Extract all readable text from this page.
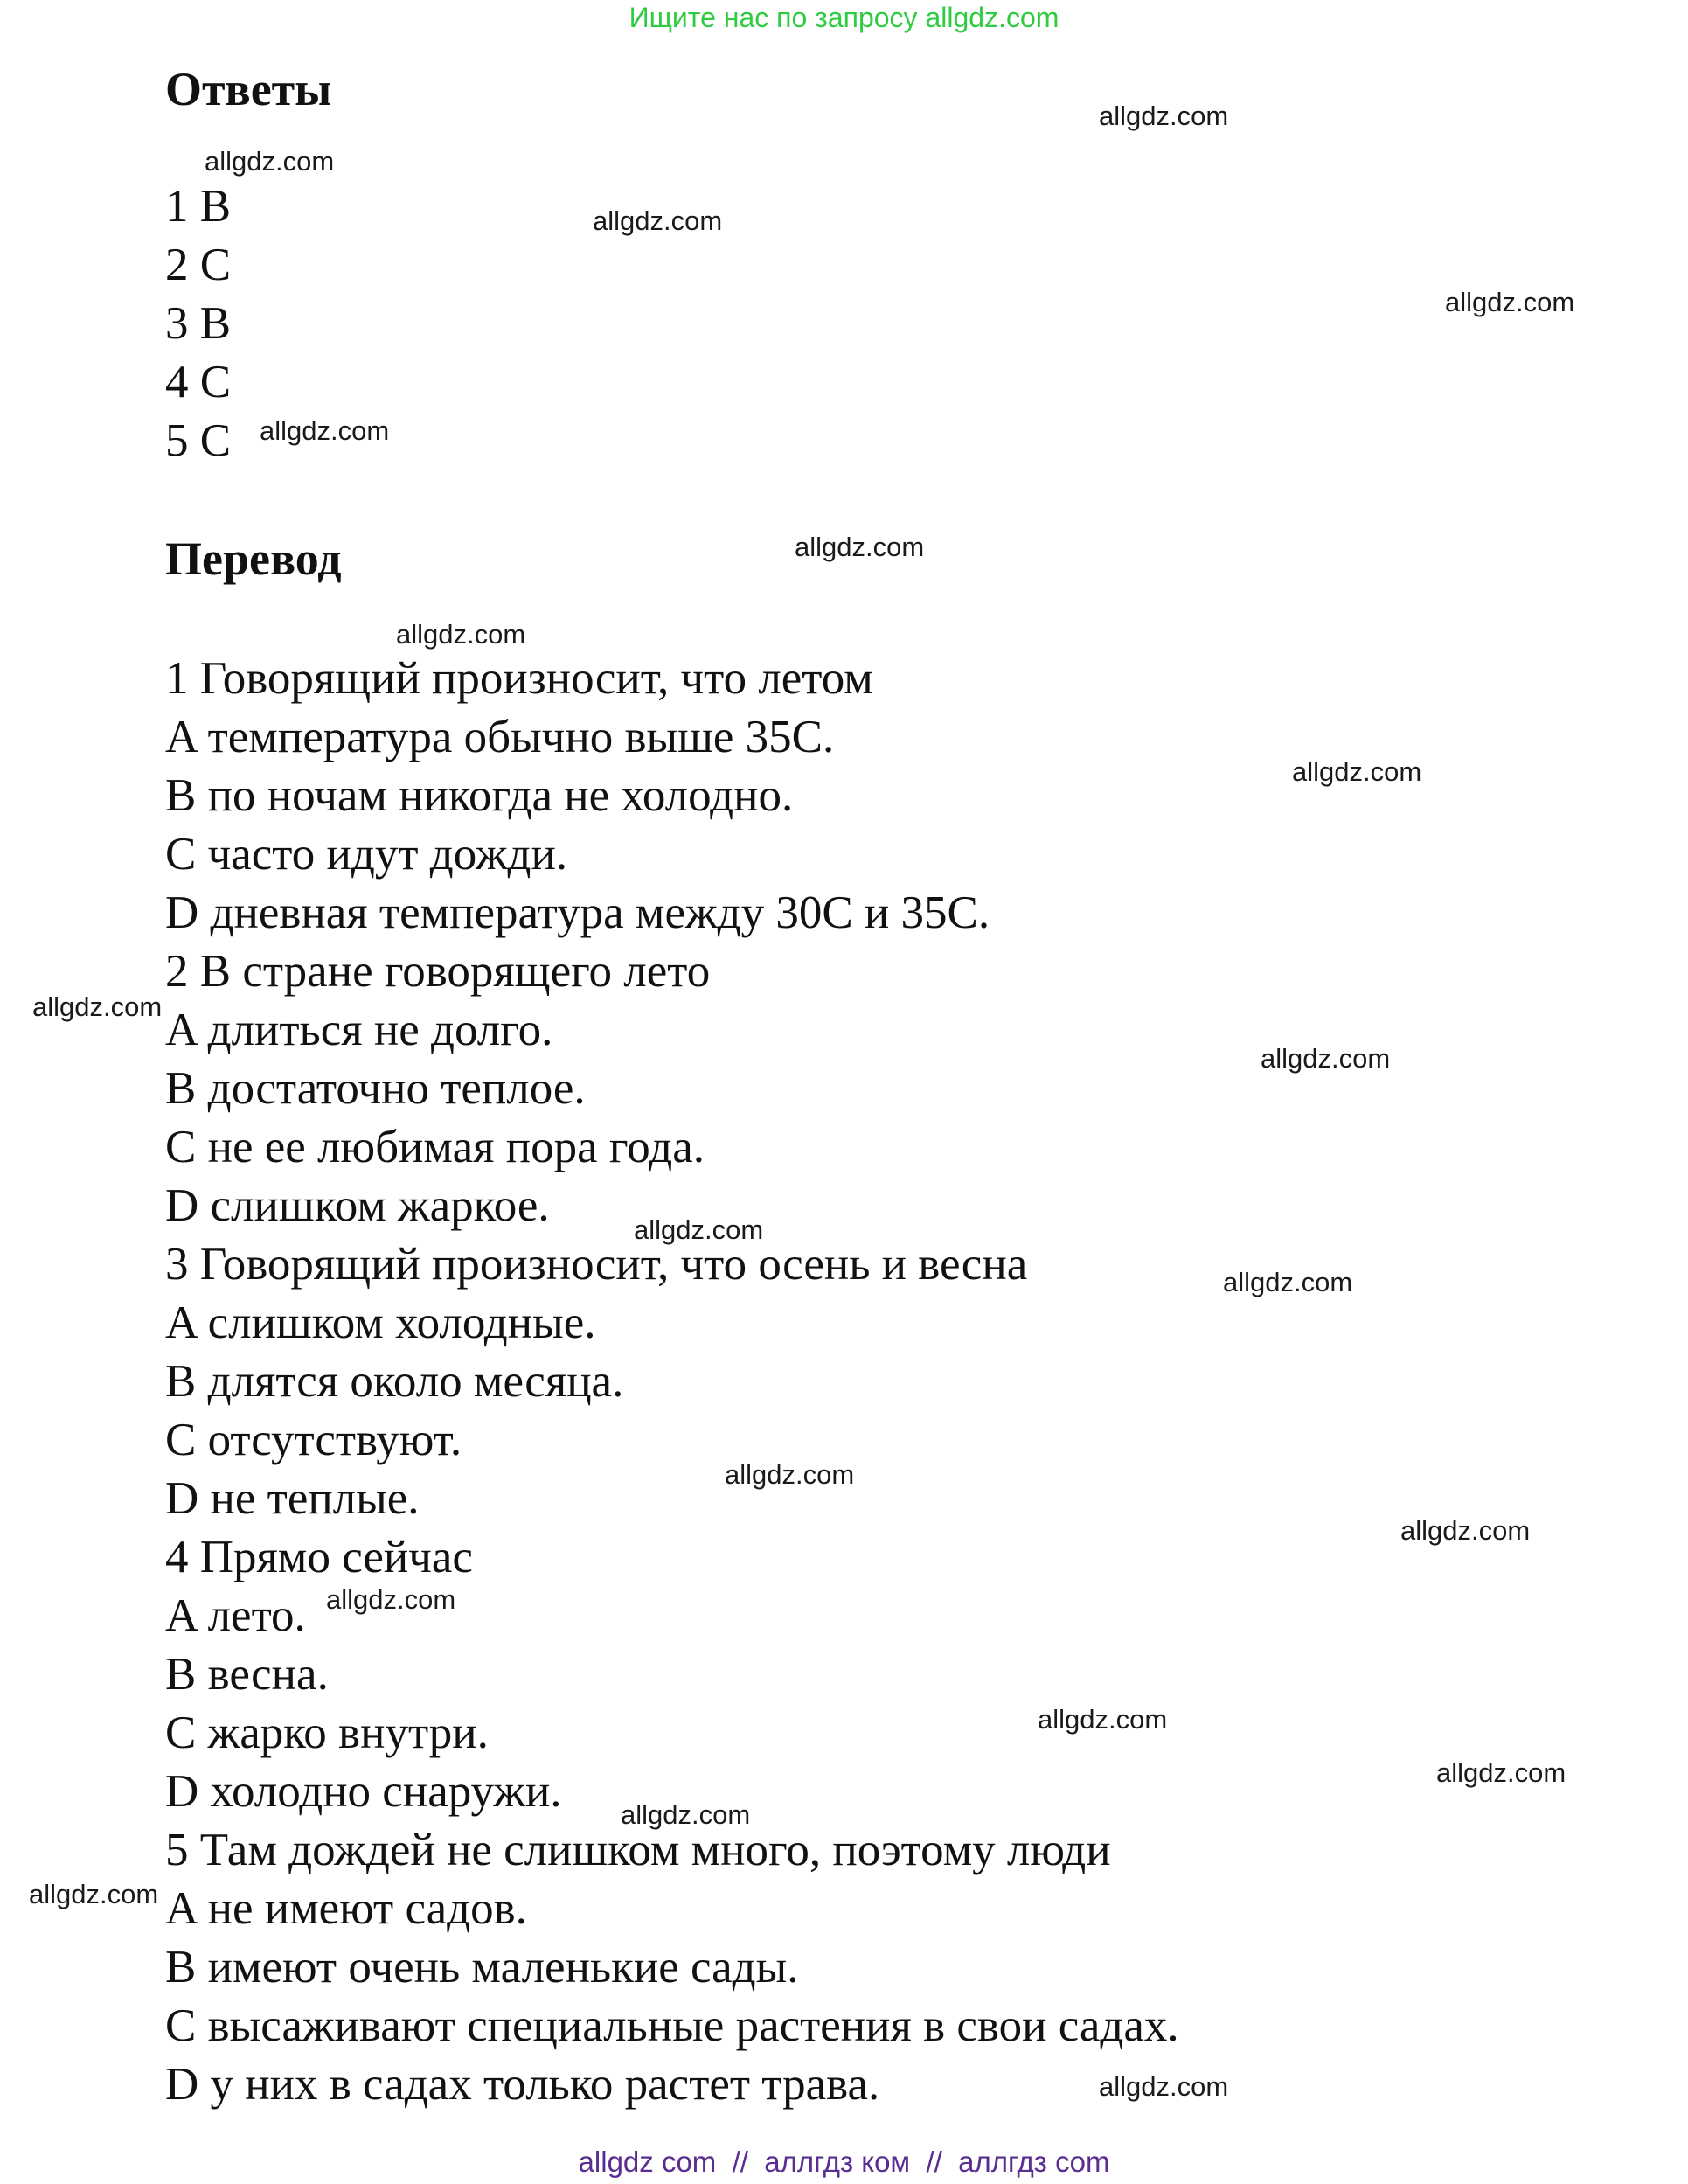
Ищите нас по запросу allgdz.com
Ответы
1 B
2 C
3 B
4 C
5 C
Перевод
1 Говорящий произносит, что летом
A температура обычно выше 35C.
B по ночам никогда не холодно.
C часто идут дожди.
D дневная температура между 30C и 35C.
2 В стране говорящего лето
A длиться не долго.
B достаточно теплое.
C не ее любимая пора года.
D слишком жаркое.
3 Говорящий произносит, что осень и весна
A слишком холодные.
B длятся около месяца.
C отсутствуют.
D не теплые.
4 Прямо сейчас
A лето.
B весна.
C жарко внутри.
D холодно снаружи.
5 Там дождей не слишком много, поэтому люди
A не имеют садов.
B имеют очень маленькие сады.
C высаживают специальные растения в свои садах.
D у них в садах только растет трава.
allgdz.com
allgdz.com
allgdz.com
allgdz.com
allgdz.com
allgdz.com
allgdz.com
allgdz.com
allgdz.com
allgdz.com
allgdz.com
allgdz.com
allgdz.com
allgdz.com
allgdz.com
allgdz.com
allgdz.com
allgdz.com
allgdz.com
allgdz.com
allgdz com  //  аллгдз ком  //  аллгдз com
